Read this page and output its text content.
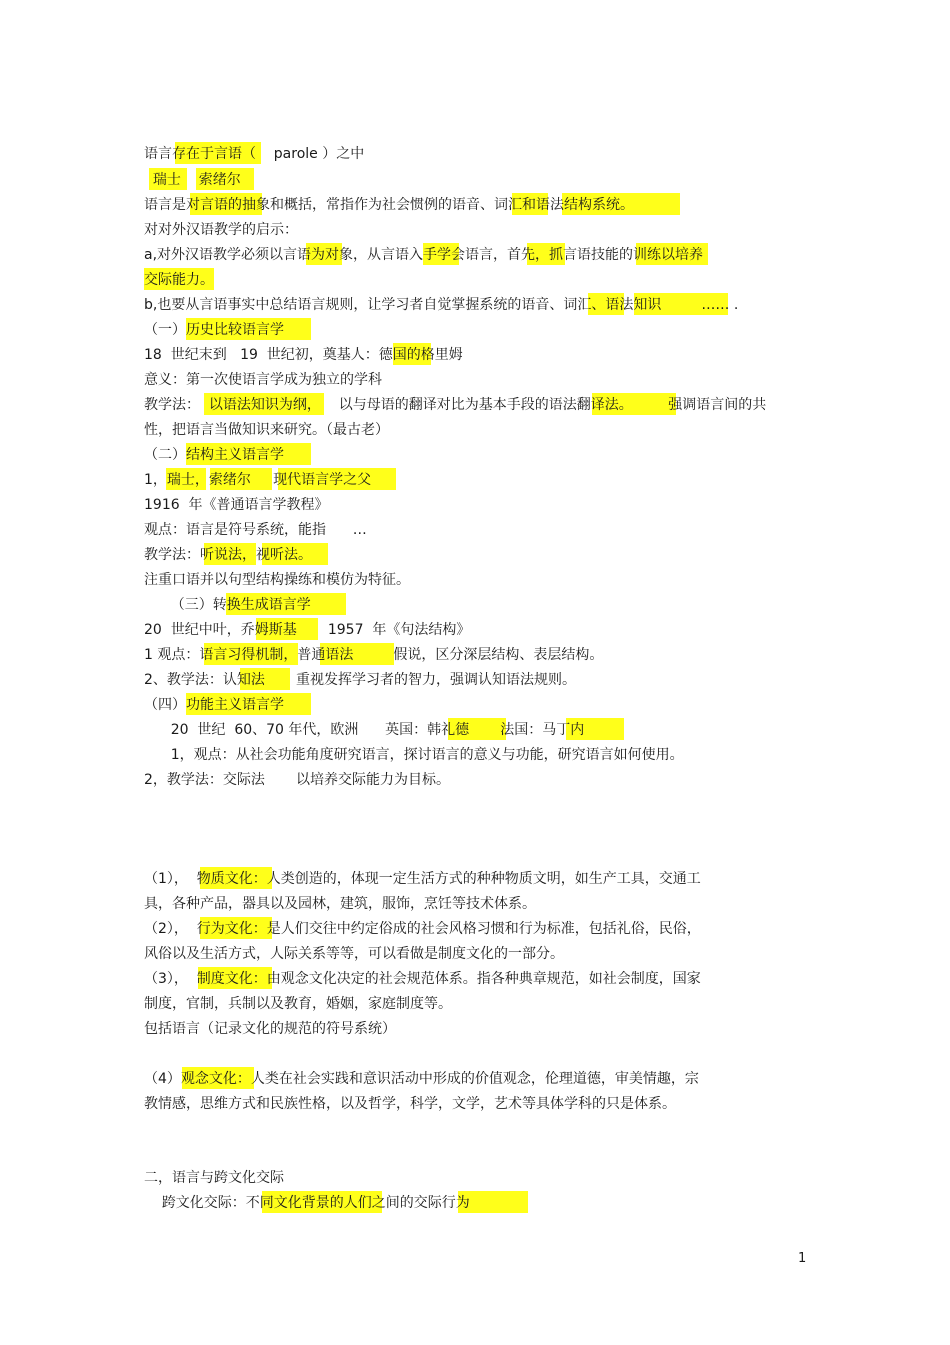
语言存在于言语（    parole ）之中

瑞士    索绪尔

语言是对言语的抽象和概括，常指作为社会惯例的语音、词汇和语法结构系统。

对对外汉语教学的启示：

a,对外汉语教学必须以言语为对象，从言语入手学会语言，首先，抓言语技能的训练以培养

交际能力。

b,也要从言语事实中总结语言规则，让学习者自觉掌握系统的语音、词汇、语法知识         …… .

（一）历史比较语言学

18  世纪末到   19  世纪初，奠基人：德国的格里姆

意义：第一次使语言学成为独立的学科

教学法：  以语法知识为纲，    以与母语的翻译对比为基本手段的语法翻译法。        强调语言间的共

性，把语言当做知识来研究。（最古老）

（二）结构主义语言学

1，瑞士，索绪尔     现代语言学之父

1916  年《普通语言学教程》

观点：语言是符号系统，能指      …

教学法：听说法，视听法。

注重口语并以句型结构操练和模仿为特征。

（三）转换生成语言学

20  世纪中叶，乔姆斯基       1957  年《句法结构》

1 观点：语言习得机制，普通语法         假说，区分深层结构、表层结构。

2、教学法：认知法       重视发挥学习者的智力，强调认知语法规则。

（四）功能主义语言学

20  世纪  60、70 年代，欧洲      英国：韩礼德       法国：马丁内

1，观点：从社会功能角度研究语言，探讨语言的意义与功能，研究语言如何使用。

2，教学法：交际法       以培养交际能力为目标。

（1），  物质文化：人类创造的，体现一定生活方式的种种物质文明，如生产工具，交通工

具，各种产品，器具以及园林，建筑，服饰，烹饪等技术体系。

（2），  行为文化：是人们交往中约定俗成的社会风格习惯和行为标准，包括礼俗，民俗，

风俗以及生活方式，人际关系等等，可以看做是制度文化的一部分。

（3），  制度文化：由观念文化决定的社会规范体系。指各种典章规范，如社会制度，国家

制度，官制，兵制以及教育，婚姻，家庭制度等。

包括语言（记录文化的规范的符号系统）

（4）观念文化：人类在社会实践和意识活动中形成的价值观念，伦理道德，审美情趣，宗

教情感，思维方式和民族性格，以及哲学，科学，文学，艺术等具体学科的只是体系。

二，语言与跨文化交际

跨文化交际：不同文化背景的人们之间的交际行为

1
